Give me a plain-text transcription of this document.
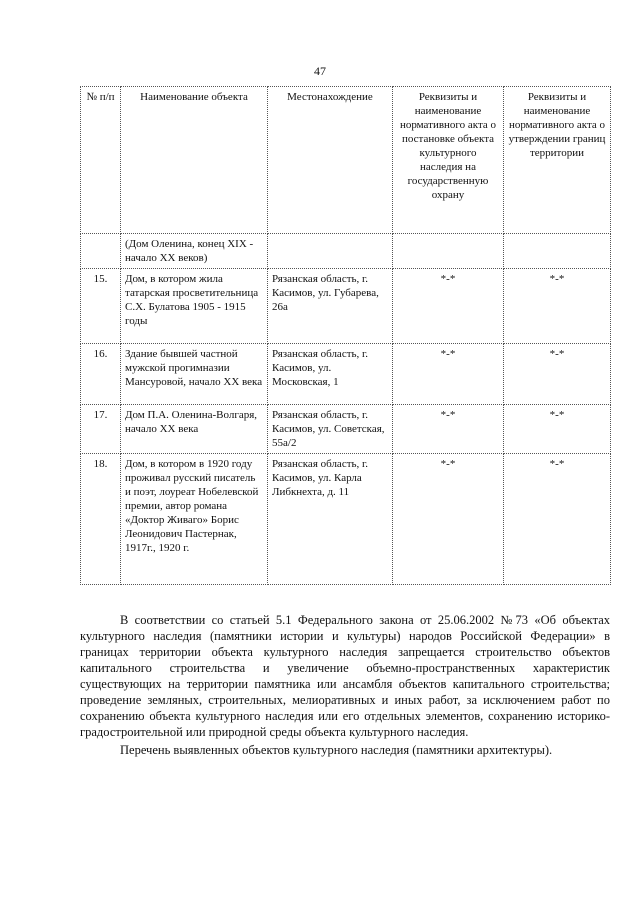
47
№ п/п	Наименование объекта	Местонахождение	Реквизиты и наименование нормативного акта о постановке объекта культурного наследия на государственную охрану	Реквизиты и наименование нормативного акта о утверждении границ территории
	(Дом Оленина, конец XIX - начало XX веков)			
15.	Дом, в котором жила татарская просветительница С.Х. Булатова 1905 - 1915 годы	Рязанская область, г. Касимов, ул. Губарева, 26а	*-*	*-*
16.	Здание бывшей частной мужской прогимназии Мансуровой, начало XX века	Рязанская область, г. Касимов, ул. Московская, 1	*-*	*-*
17.	Дом П.А. Оленина-Волгаря, начало XX века	Рязанская область, г. Касимов, ул. Советская, 55а/2	*-*	*-*
18.	Дом, в котором в 1920 году проживал русский писатель и поэт, лоуреат Нобелевской премии, автор романа «Доктор Живаго» Борис Леонидович Пастернак, 1917г., 1920 г.	Рязанская область, г. Касимов, ул. Карла Либкнехта, д. 11	*-*	*-*

В соответствии со статьей 5.1 Федерального закона от 25.06.2002 №73 «Об объектах культурного наследия (памятники истории и культуры) народов Российской Федерации» в границах территории объекта культурного наследия запрещается строительство объектов капитального строительства и увеличение объемно-пространственных характеристик существующих на территории памятника или ансамбля объектов капитального строительства; проведение земляных, строительных, мелиоративных и иных работ, за исключением работ по сохранению объекта культурного наследия или его отдельных элементов, сохранению историко-градостроительной или природной среды объекта культурного наследия.

Перечень выявленных объектов культурного наследия (памятники архитектуры).
